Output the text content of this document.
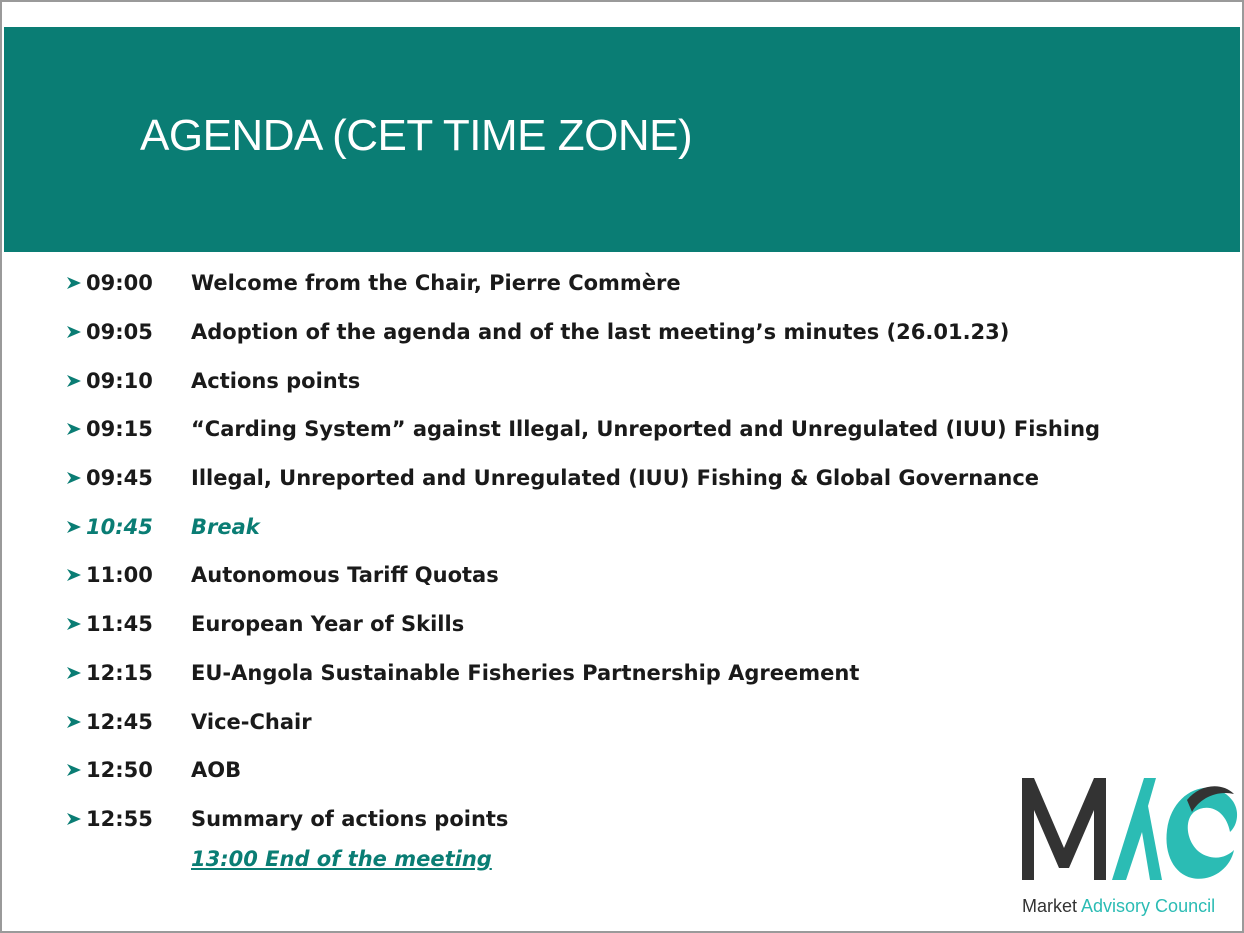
AGENDA (CET TIME ZONE)
09:00	Welcome from the Chair, Pierre Commère
09:05	Adoption of the agenda and of the last meeting’s minutes (26.01.23)
09:10	Actions points
09:15	“Carding System” against Illegal, Unreported and Unregulated (IUU) Fishing
09:45	Illegal, Unreported and Unregulated (IUU) Fishing & Global Governance
10:45	Break
11:00	Autonomous Tariff Quotas
11:45	European Year of Skills
12:15	EU-Angola Sustainable Fisheries Partnership Agreement
12:45	Vice-Chair
12:50	AOB
12:55	Summary of actions points
13:00 End of the meeting
Market Advisory Council
